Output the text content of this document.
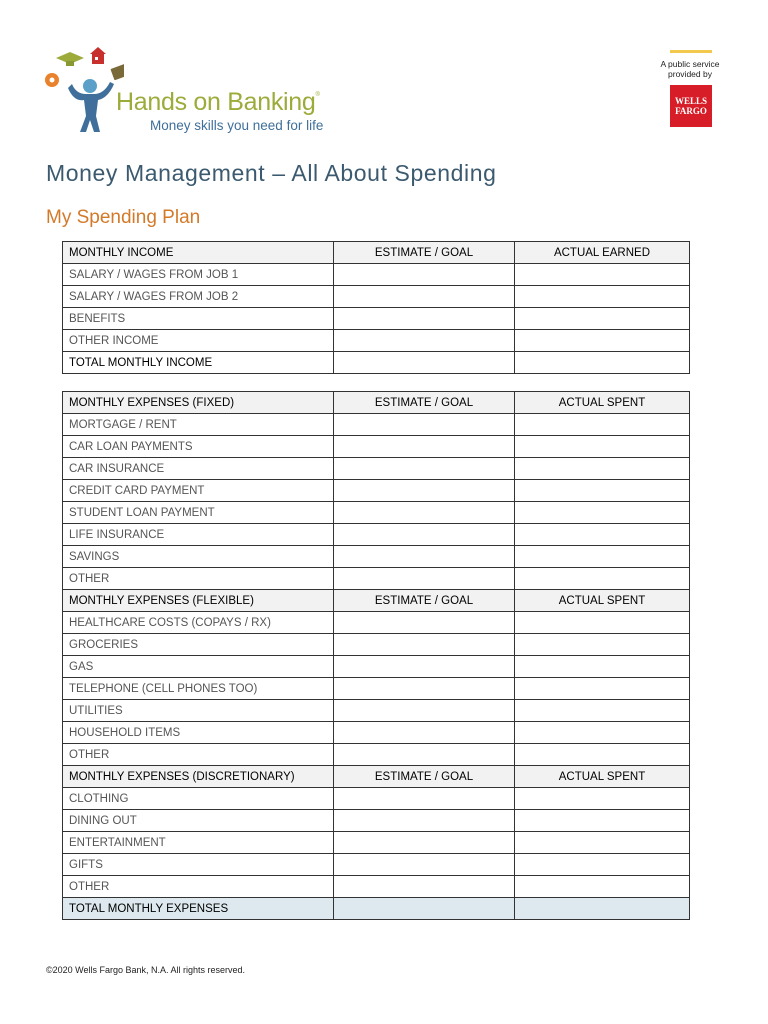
Hands on Banking®
Money skills you need for life
A public service provided by
WELLS FARGO
Money Management – All About Spending
My Spending Plan
MONTHLY INCOME	ESTIMATE / GOAL	ACTUAL EARNED
SALARY / WAGES FROM JOB 1		
SALARY / WAGES FROM JOB 2		
BENEFITS		
OTHER INCOME		
TOTAL MONTHLY INCOME		
MONTHLY EXPENSES (FIXED)	ESTIMATE / GOAL	ACTUAL SPENT
MORTGAGE / RENT		
CAR LOAN PAYMENTS		
CAR INSURANCE		
CREDIT CARD PAYMENT		
STUDENT LOAN PAYMENT		
LIFE INSURANCE		
SAVINGS		
OTHER		
MONTHLY EXPENSES (FLEXIBLE)	ESTIMATE / GOAL	ACTUAL SPENT
HEALTHCARE COSTS (COPAYS / RX)		
GROCERIES		
GAS		
TELEPHONE (CELL PHONES TOO)		
UTILITIES		
HOUSEHOLD ITEMS		
OTHER		
MONTHLY EXPENSES (DISCRETIONARY)	ESTIMATE / GOAL	ACTUAL SPENT
CLOTHING		
DINING OUT		
ENTERTAINMENT		
GIFTS		
OTHER		
TOTAL MONTHLY EXPENSES		
©2020 Wells Fargo Bank, N.A. All rights reserved.
